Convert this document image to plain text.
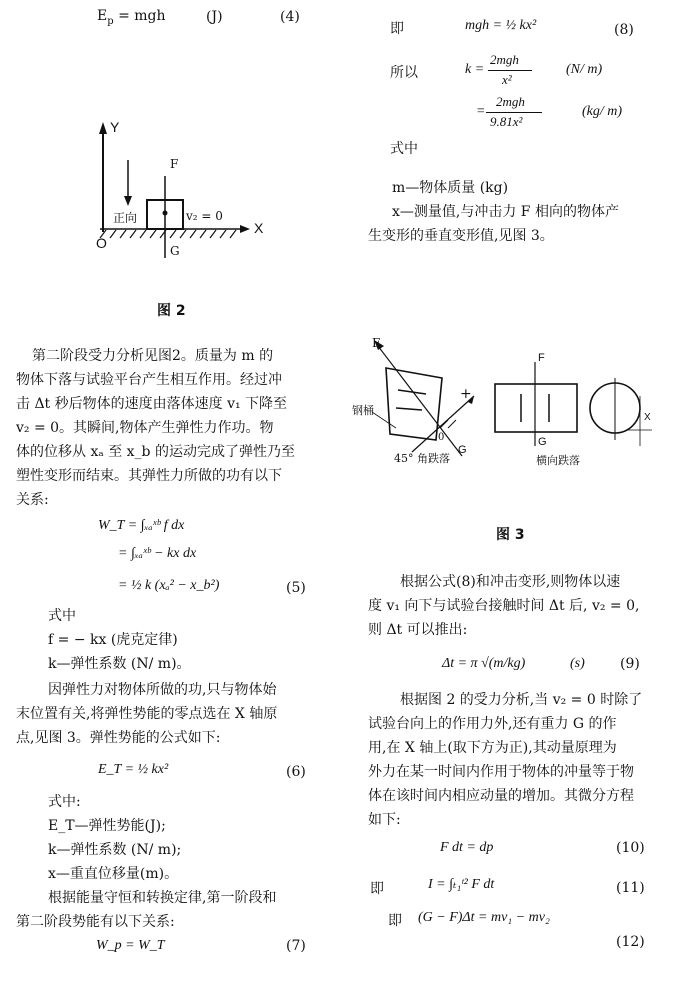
$E_p$ = mgh	(J)	(4)
Y
X
O
F
G
正向	v₂ = 0
图 2
第二阶段受力分析见图2。质量为 m 的
物体下落与试验平台产生相互作用。经过冲
击 Δt 秒后物体的速度由落体速度 v₁ 下降至
v₂ = 0。其瞬间,物体产生弹性力作功。物
体的位移从 xₐ 至 x_b 的运动完成了弹性乃至
塑性变形而结束。其弹性力所做的功有以下
关系:
W_T = ∫ₓₐˣᵇ f dx
= ∫ₓₐˣᵇ − kx dx
= ½ k (xₐ² − x_b²)	(5)
式中
f = − kx (虎克定律)
k—弹性系数 (N/ m)。
因弹性力对物体所做的功,只与物体始
末位置有关,将弹性势能的零点选在 X 轴原
点,见图 3。弹性势能的公式如下:
E_T = ½ kx²	(6)
式中:
E_T—弹性势能(J);
k—弹性系数 (N/ m);
x—重直位移量(m)。
根据能量守恒和转换定律,第一阶段和
第二阶段势能有以下关系:
W_p = W_T	(7)
即	mgh = ½ kx²	(8)
所以	k =
2mgh
x²
(N/ m)
=
2mgh
9.81x²
(kg/ m)
式中
m—物体质量 (kg)
x—测量值,与冲击力 F 相向的物体产
生变形的垂直变形值,见图 3。
F
+
0
G
钢桶
45° 角跌落
F
G
横向跌落
X
图 3
根据公式(8)和冲击变形,则物体以速
度 v₁ 向下与试验台接触时间 Δt 后, v₂ = 0,
则 Δt 可以推出:
Δt = π √(m/kg)	(s)	(9)
根据图 2 的受力分析,当 v₂ = 0 时除了
试验台向上的作用力外,还有重力 G 的作
用,在 X 轴上(取下方为正),其动量原理为
外力在某一时间内作用于物体的冲量等于物
体在该时间内相应动量的增加。其微分方程
如下:
F dt = dp	(10)
即	I = ∫ₜ₁ᵗ² F dt	(11)
即 (G − F)Δt = mv₁ − mv₂
(12)
